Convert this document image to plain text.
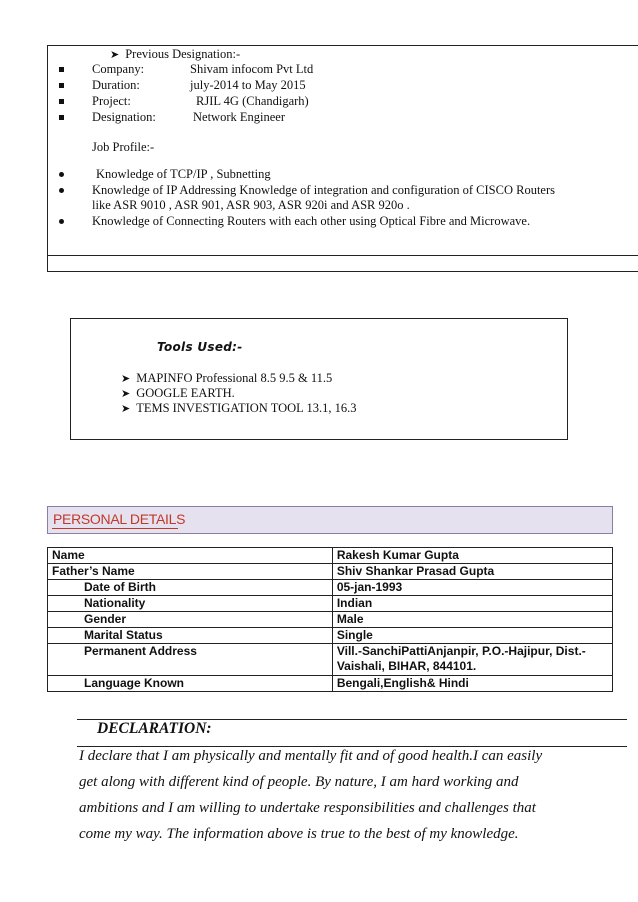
➤ Previous Designation:-
Company:	Shivam infocom Pvt Ltd
Duration:	july-2014 to May 2015
Project:	RJIL 4G (Chandigarh)
Designation:	Network Engineer
Job Profile:-
Knowledge of TCP/IP , Subnetting
Knowledge of IP Addressing Knowledge of integration and configuration of CISCO Routers
like ASR 9010 , ASR 901, ASR 903, ASR 920i and ASR 920o .
Knowledge of Connecting Routers with each other using Optical Fibre and Microwave.
Tools Used:-
➤ MAPINFO Professional 8.5 9.5 & 11.5
➤ GOOGLE EARTH.
➤ TEMS INVESTIGATION TOOL 13.1, 16.3
PERSONAL DETAILS
Name	Rakesh Kumar Gupta
Father’s Name	Shiv Shankar Prasad Gupta
Date of Birth	05-jan-1993
Nationality	Indian
Gender	Male
Marital Status	Single
Permanent Address	Vill.-SanchiPattiAnjanpir, P.O.-Hajipur, Dist.-
Vaishali, BIHAR, 844101.

Language Known	Bengali,English& Hindi
DECLARATION:
I declare that I am physically and mentally fit and of good health.I can easily
get along with different kind of people. By nature, I am hard working and
ambitions and I am willing to undertake responsibilities and challenges that
come my way. The information above is true to the best of my knowledge.
